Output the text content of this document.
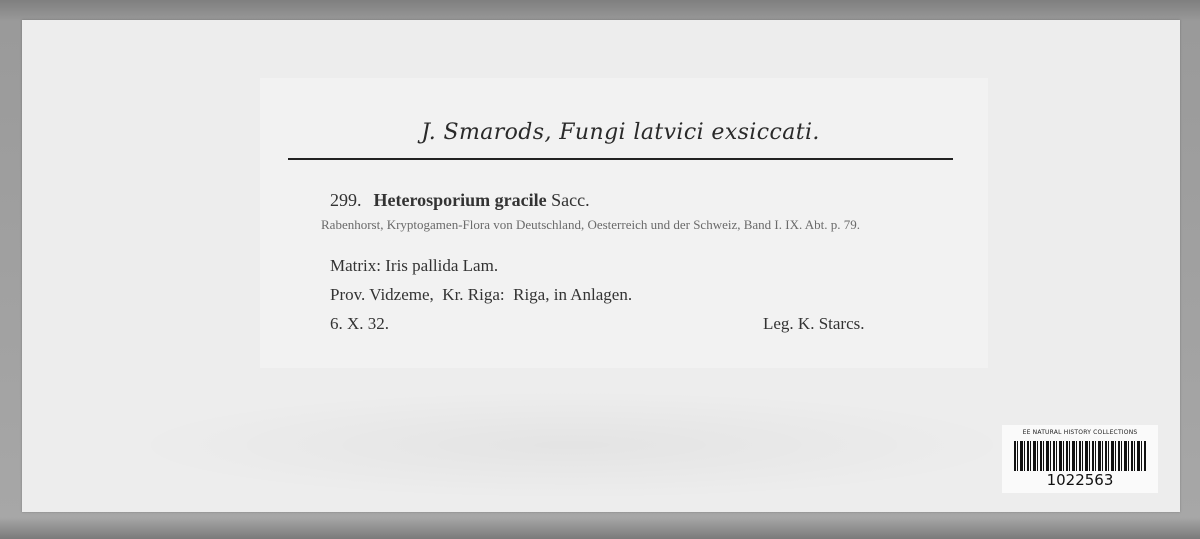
J. Smarods, Fungi latvici exsiccati.
299. Heterosporium gracile Sacc.
Rabenhorst, Kryptogamen-Flora von Deutschland, Oesterreich und der Schweiz, Band I. IX. Abt. p. 79.
Matrix: Iris pallida Lam.
Prov. Vidzeme,  Kr. Riga:  Riga, in Anlagen.
6. X. 32.	Leg. K. Starcs.
EE NATURAL HISTORY COLLECTIONS
1022563
